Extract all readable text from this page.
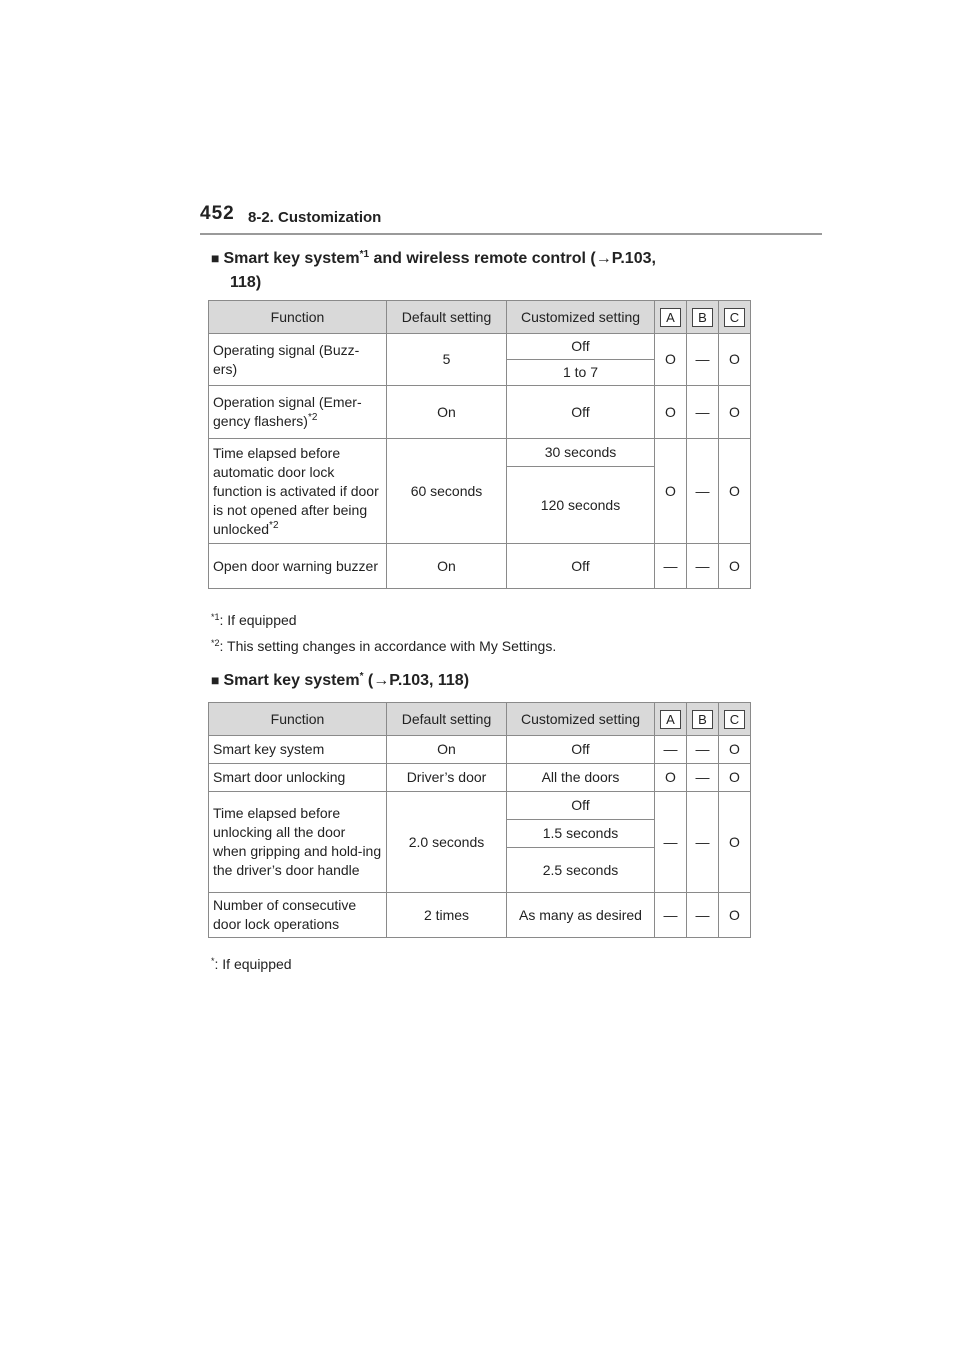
452 8-2. Customization
■ Smart key system$^{*1}$ and wireless remote control (→P.103,
118)
Function	Default setting	Customized setting	A	B	C
Operating signal (Buzz-ers)	5	Off	O	—	O
		1 to 7			
Operation signal (Emer-gency flashers)$^{*2}$	On	Off	O	—	O
Time elapsed before automatic door lock function is activated if door is not opened after being unlocked$^{*2}$	60 seconds	30 seconds	O	—	O
		120 seconds			
Open door warning buzzer	On	Off	—	—	O
$^{*1}$: If equipped
$^{*2}$: This setting changes in accordance with My Settings.
■ Smart key system* (→P.103, 118)
Function	Default setting	Customized setting	A	B	C
Smart key system	On	Off	—	—	O
Smart door unlocking	Driver’s door	All the doors	O	—	O
Time elapsed before unlocking all the door when gripping and hold-ing the driver’s door handle	2.0 seconds	Off	—	—	O
		1.5 seconds			
		2.5 seconds			
Number of consecutive door lock operations	2 times	As many as desired	—	—	O
*: If equipped
